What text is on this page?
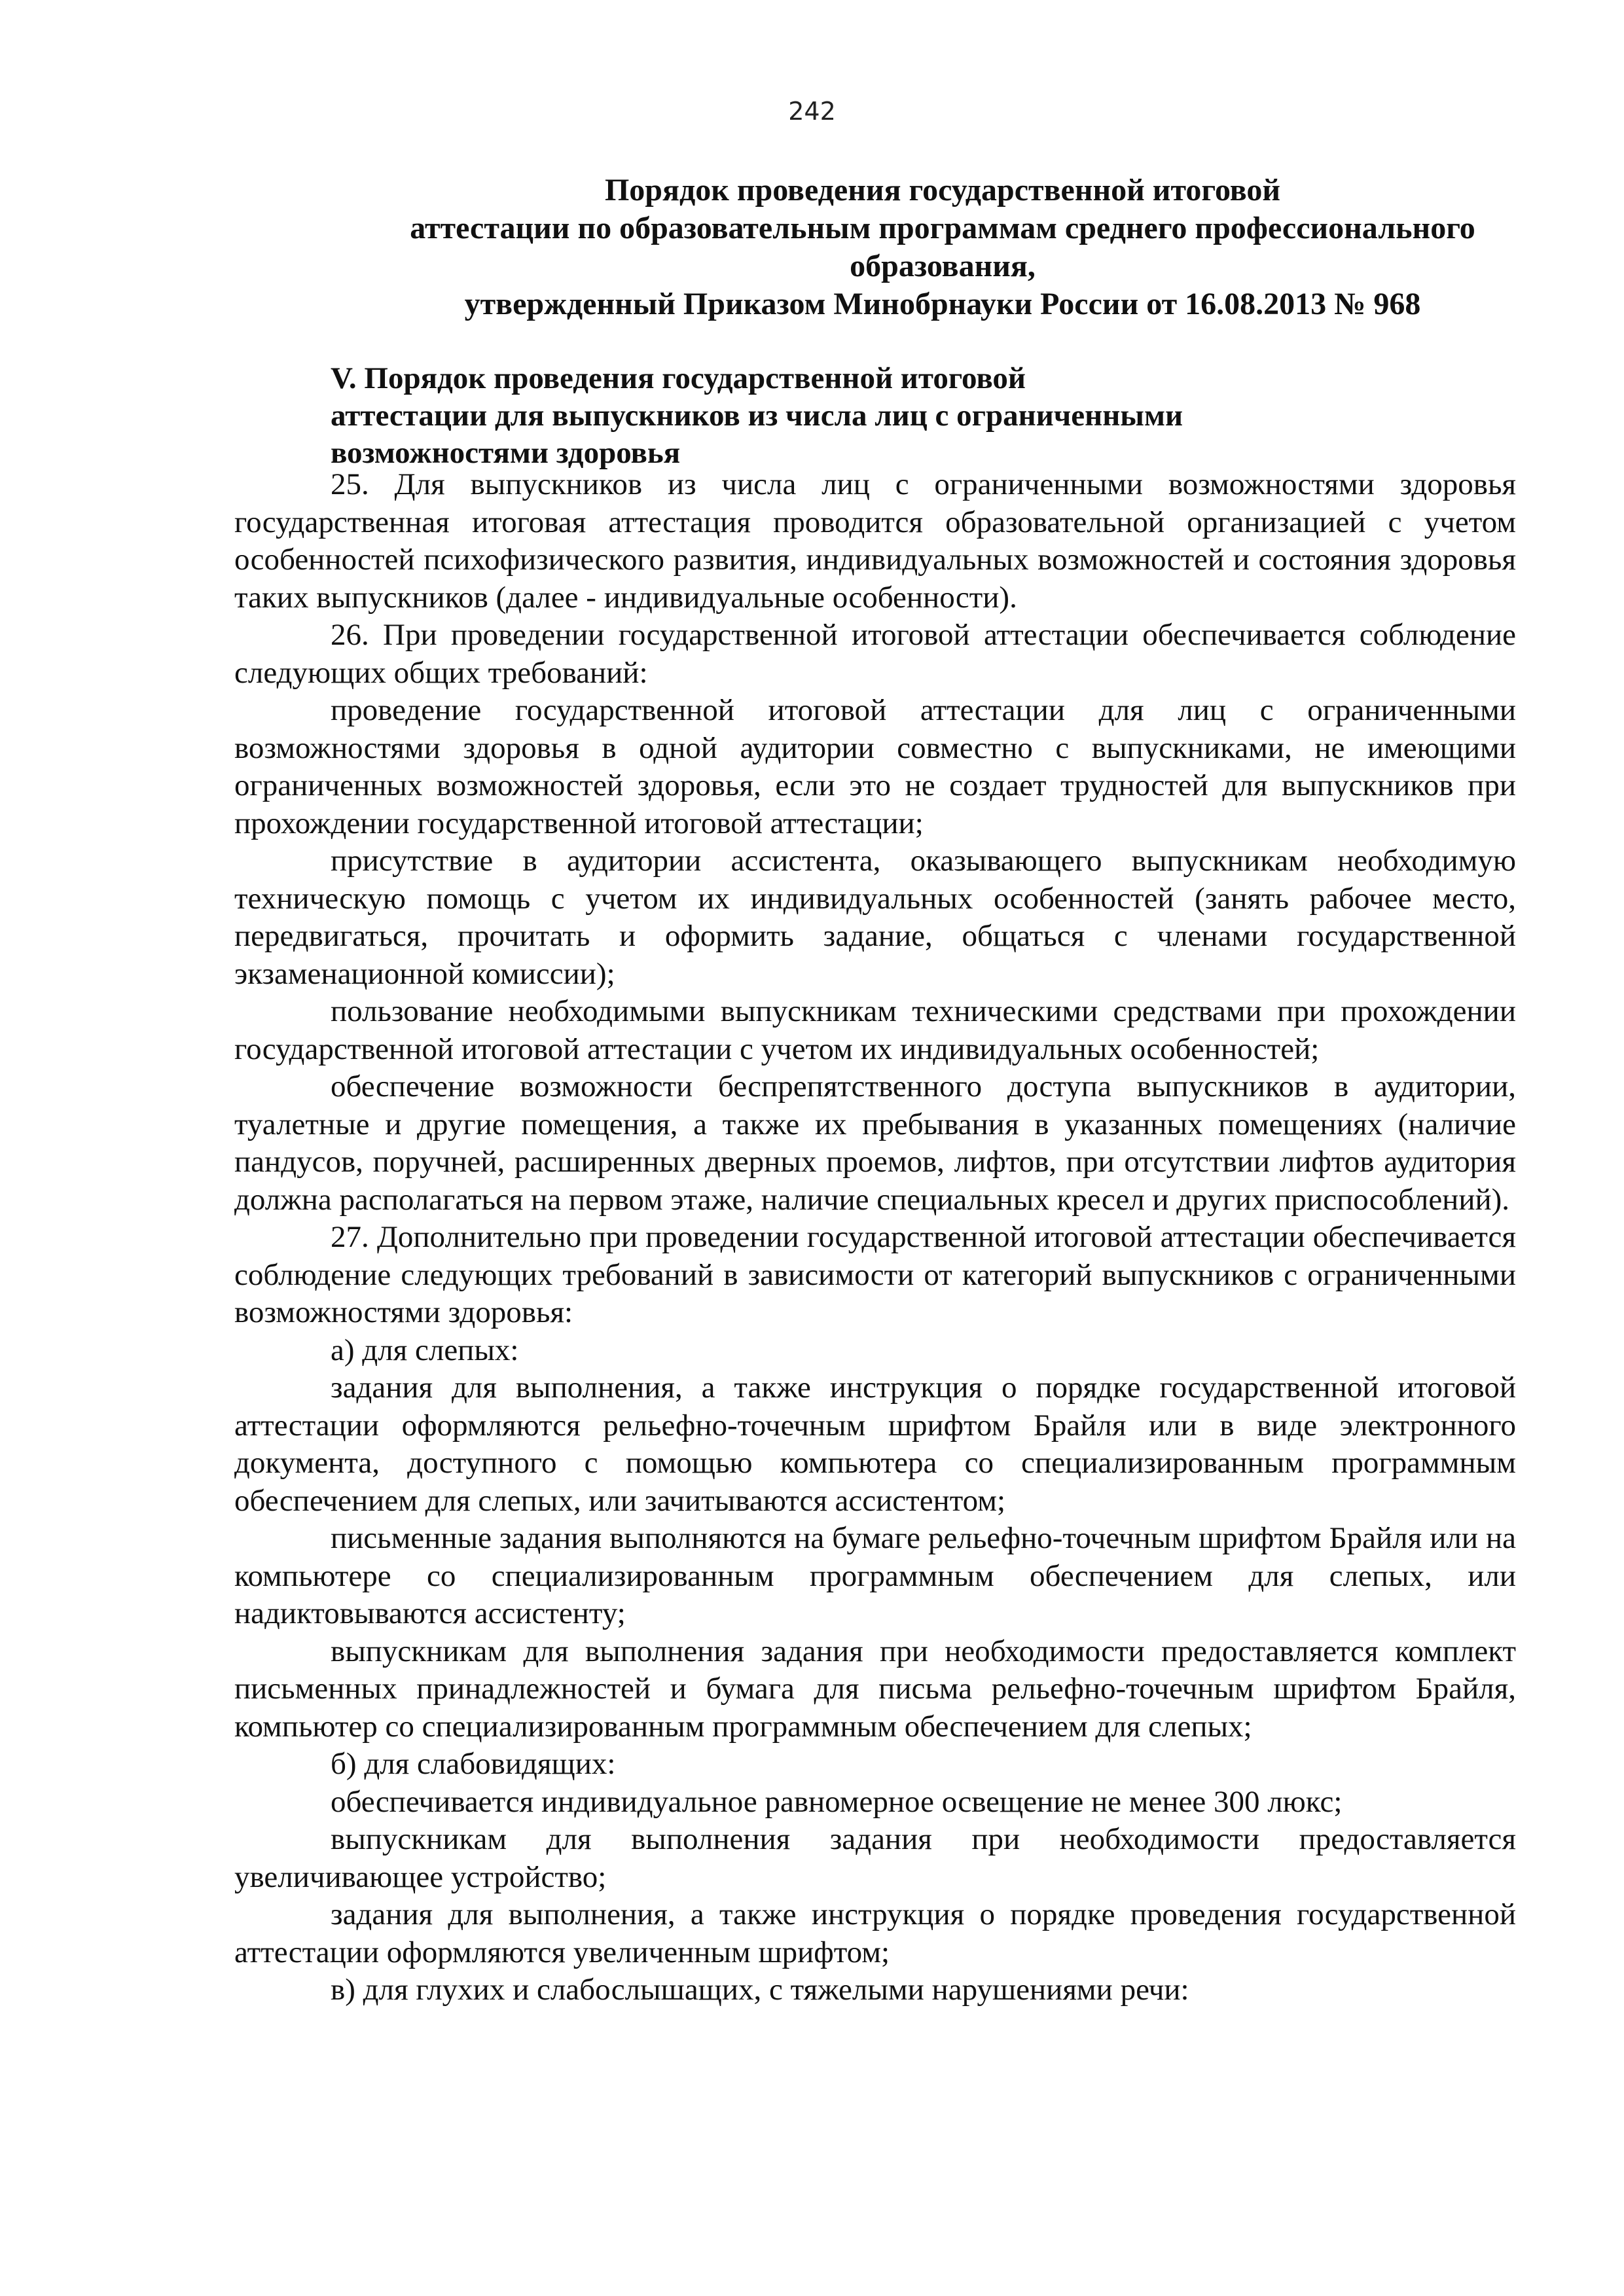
242
Порядок проведения государственной итоговой
аттестации по образовательным программам среднего профессионального
образования,
утвержденный Приказом Минобрнауки России от 16.08.2013 № 968
V. Порядок проведения государственной итоговой
аттестации для выпускников из числа лиц с ограниченными
возможностями здоровья

25. Для выпускников из числа лиц с ограниченными возможностями здоровья государственная итоговая аттестация проводится образовательной организацией с учетом особенностей психофизического развития, индивидуальных возможностей и состояния здоровья таких выпускников (далее - индивидуальные особенности).

26. При проведении государственной итоговой аттестации обеспечивается соблюдение следующих общих требований:

проведение государственной итоговой аттестации для лиц с ограниченными возможностями здоровья в одной аудитории совместно с выпускниками, не имеющими ограниченных возможностей здоровья, если это не создает трудностей для выпускников при прохождении государственной итоговой аттестации;

присутствие в аудитории ассистента, оказывающего выпускникам необходимую техническую помощь с учетом их индивидуальных особенностей (занять рабочее место, передвигаться, прочитать и оформить задание, общаться с членами государственной экзаменационной комиссии);

пользование необходимыми выпускникам техническими средствами при прохождении государственной итоговой аттестации с учетом их индивидуальных особенностей;

обеспечение возможности беспрепятственного доступа выпускников в аудитории, туалетные и другие помещения, а также их пребывания в указанных помещениях (наличие пандусов, поручней, расширенных дверных проемов, лифтов, при отсутствии лифтов аудитория должна располагаться на первом этаже, наличие специальных кресел и других приспособлений).

27. Дополнительно при проведении государственной итоговой аттестации обеспечивается соблюдение следующих требований в зависимости от категорий выпускников с ограниченными возможностями здоровья:

а) для слепых:

задания для выполнения, а также инструкция о порядке государственной итоговой аттестации оформляются рельефно-точечным шрифтом Брайля или в виде электронного документа, доступного с помощью компьютера со специализированным программным обеспечением для слепых, или зачитываются ассистентом;

письменные задания выполняются на бумаге рельефно-точечным шрифтом Брайля или на компьютере со специализированным программным обеспечением для слепых, или надиктовываются ассистенту;

выпускникам для выполнения задания при необходимости предоставляется комплект письменных принадлежностей и бумага для письма рельефно-точечным шрифтом Брайля, компьютер со специализированным программным обеспечением для слепых;

б) для слабовидящих:

обеспечивается индивидуальное равномерное освещение не менее 300 люкс;

выпускникам для выполнения задания при необходимости предоставляется увеличивающее устройство;

задания для выполнения, а также инструкция о порядке проведения государственной аттестации оформляются увеличенным шрифтом;

в) для глухих и слабослышащих, с тяжелыми нарушениями речи:
